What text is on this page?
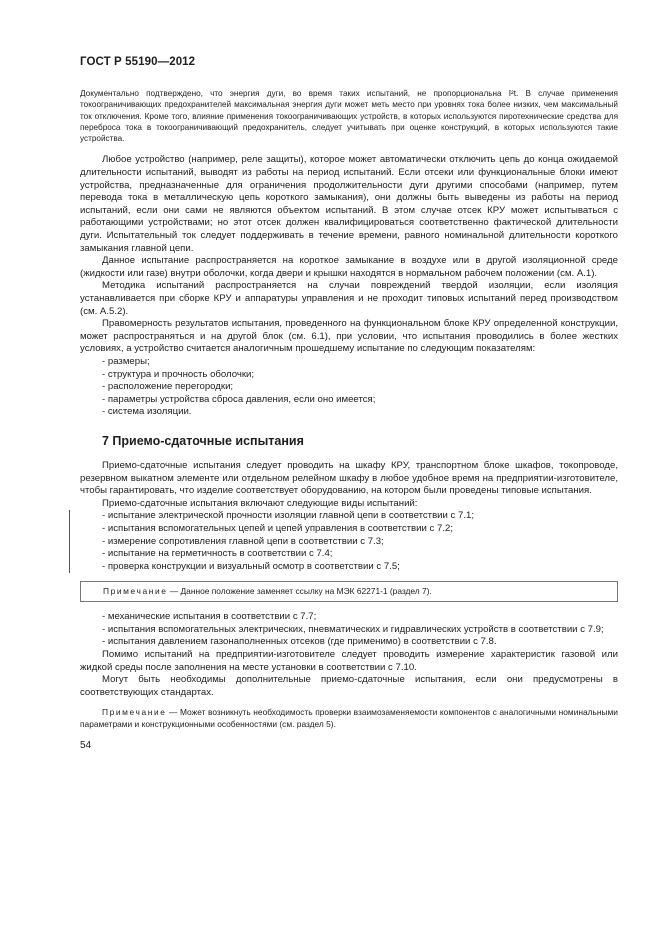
ГОСТ Р 55190—2012

Документально подтверждено, что энергия дуги, во время таких испытаний, не пропорциональна I²t. В случае применения токоограничивающих предохранителей максимальная энергия дуги может меть место при уровнях тока более низких, чем максимальный ток отключения. Кроме того, влияние применения токоограничивающих устройств, в которых используются пиротехнические средства для переброса тока в токоограничивающий предохранитель, следует учитывать при оценке конструкций, в которых используются такие устройства.

Любое устройство (например, реле защиты), которое может автоматически отключить цепь до конца ожидаемой длительности испытаний, выводят из работы на период испытаний. Если отсеки или функциональные блоки имеют устройства, предназначенные для ограничения продолжительности дуги другими способами (например, путем перевода тока в металлическую цепь короткого замыкания), они должны быть выведены из работы на период испытаний, если они сами не являются объектом испытаний. В этом случае отсек КРУ может испытываться с работающими устройствами; но этот отсек должен квалифицироваться соответственно фактической длительности дуги. Испытательный ток следует поддерживать в течение времени, равного номинальной длительности короткого замыкания главной цепи.

Данное испытание распространяется на короткое замыкание в воздухе или в другой изоляционной среде (жидкости или газе) внутри оболочки, когда двери и крышки находятся в нормальном рабочем положении (см. А.1).

Методика испытаний распространяется на случаи повреждений твердой изоляции, если изоляция устанавливается при сборке КРУ и аппаратуры управления и не проходит типовых испытаний перед производством (см. А.5.2).

Правомерность результатов испытания, проведенного на функциональном блоке КРУ определенной конструкции, может распространяться и на другой блок (см. 6.1), при условии, что испытания проводились в более жестких условиях, а устройство считается аналогичным прошедшему испытание по следующим показателям:

- размеры;

- структура и прочность оболочки;

- расположение перегородки;

- параметры устройства сброса давления, если оно имеется;

- система изоляции.

7 Приемо-сдаточные испытания

Приемо-сдаточные испытания следует проводить на шкафу КРУ, транспортном блоке шкафов, токопроводе, резервном выкатном элементе или отдельном релейном шкафу в любое удобное время на предприятии-изготовителе, чтобы гарантировать, что изделие соответствует оборудованию, на котором были проведены типовые испытания.

Приемо-сдаточные испытания включают следующие виды испытаний:

- испытание электрической прочности изоляции главной цепи в соответствии с 7.1;

- испытания вспомогательных цепей и цепей управления в соответствии с 7.2;

- измерение сопротивления главной цепи в соответствии с 7.3;

- испытание на герметичность в соответствии с 7.4;

- проверка конструкции и визуальный осмотр в соответствии с 7.5;

Примечание — Данное положение заменяет ссылку на МЭК 62271-1 (раздел 7).

- механические испытания в соответствии с 7.7;

- испытания вспомогательных электрических, пневматических и гидравлических устройств в соответствии с 7.9;

- испытания давлением газонаполненных отсеков (где применимо) в соответствии с 7.8.

Помимо испытаний на предприятии-изготовителе следует проводить измерение характеристик газовой или жидкой среды после заполнения на месте установки в соответствии с 7.10.

Могут быть необходимы дополнительные приемо-сдаточные испытания, если они предусмотрены в соответствующих стандартах.

Примечание — Может возникнуть необходимость проверки взаимозаменяемости компонентов с аналогичными номинальными параметрами и конструкционными особенностями (см. раздел 5).

54
